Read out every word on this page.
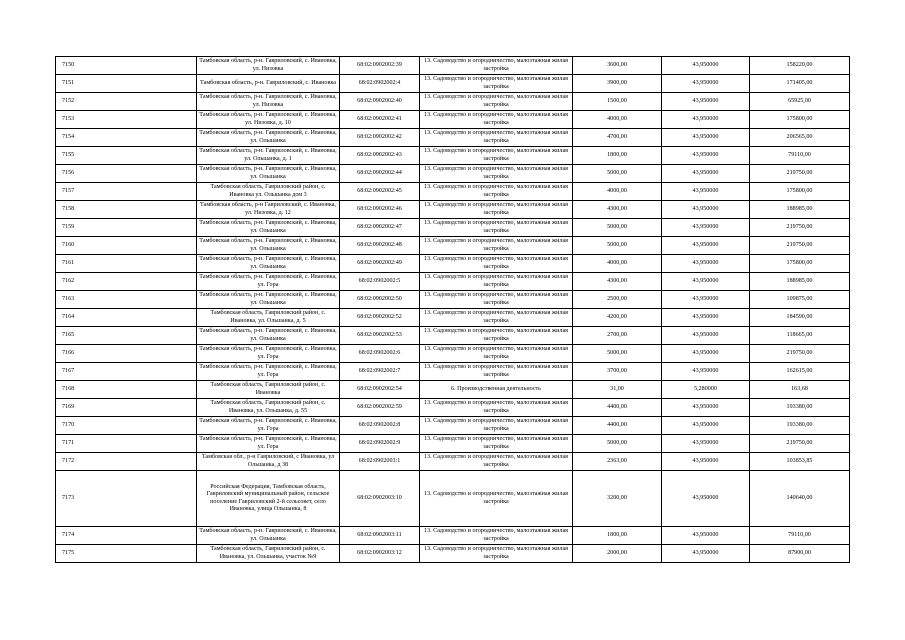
7150	Тамбовская область, р-н. Гавриловский, с. Ивановка, ул. Низовка	68:02:0902002:39	13. Садоводство и огородничество, малоэтажная жилая застройка	3600,00	43,950000	158220,00
7151	Тамбовская область, р-н. Гавриловский, с. Ивановка	68:02:0902002:4	13. Садоводство и огородничество, малоэтажная жилая застройка	3900,00	43,950000	171405,00
7152	Тамбовская область, р-н. Гавриловский, с. Ивановка, ул. Низовка	68:02:0902002:40	13. Садоводство и огородничество, малоэтажная жилая застройка	1500,00	43,950000	65925,00
7153	Тамбовская область, р-н. Гавриловский, с. Ивановка, ул. Низовка, д. 10	68:02:0902002:41	13. Садоводство и огородничество, малоэтажная жилая застройка	4000,00	43,950000	175800,00
7154	Тамбовская область, р-н. Гавриловский, с. Ивановка, ул. Ольшанка	68:02:0902002:42	13. Садоводство и огородничество, малоэтажная жилая застройка	4700,00	43,950000	206565,00
7155	Тамбовская область, р-н. Гавриловский, с. Ивановка, ул. Ольшанка, д. 1	68:02:0902002:43	13. Садоводство и огородничество, малоэтажная жилая застройка	1800,00	43,950000	79110,00
7156	Тамбовская область, р-н. Гавриловский, с. Ивановка, ул. Ольшанка	68:02:0902002:44	13. Садоводство и огородничество, малоэтажная жилая застройка	5000,00	43,950000	219750,00
7157	Тамбовская область, Гавриловский район, с. Ивановка ул. Ольшанка дом 3	68:02:0902002:45	13. Садоводство и огородничество, малоэтажная жилая застройка	4000,00	43,950000	175800,00
7158	Тамбовская область, р-н Гавриловский, с. Ивановка, ул. Низовка, д. 12	68:02:0902002:46	13. Садоводство и огородничество, малоэтажная жилая застройка	4300,00	43,950000	188985,00
7159	Тамбовская область, р-н. Гавриловский, с. Ивановка, ул. Ольшанка	68:02:0902002:47	13. Садоводство и огородничество, малоэтажная жилая застройка	5000,00	43,950000	219750,00
7160	Тамбовская область, р-н. Гавриловский, с. Ивановка, ул. Ольшанка	68:02:0902002:48	13. Садоводство и огородничество, малоэтажная жилая застройка	5000,00	43,950000	219750,00
7161	Тамбовская область, р-н. Гавриловский, с. Ивановка, ул. Ольшанка	68:02:0902002:49	13. Садоводство и огородничество, малоэтажная жилая застройка	4000,00	43,950000	175800,00
7162	Тамбовская область, р-н. Гавриловский, с. Ивановка, ул. Гора	68:02:0902002:5	13. Садоводство и огородничество, малоэтажная жилая застройка	4300,00	43,950000	188985,00
7163	Тамбовская область, р-н. Гавриловский, с. Ивановка, ул. Ольшанка	68:02:0902002:50	13. Садоводство и огородничество, малоэтажная жилая застройка	2500,00	43,950000	109875,00
7164	Тамбовская область, Гавриловский район, с. Ивановка, ул. Ольшанка, д. 5	68:02:0902002:52	13. Садоводство и огородничество, малоэтажная жилая застройка	4200,00	43,950000	184590,00
7165	Тамбовская область, р-н. Гавриловский, с. Ивановка, ул. Ольшанка	68:02:0902002:53	13. Садоводство и огородничество, малоэтажная жилая застройка	2700,00	43,950000	118665,00
7166	Тамбовская область, р-н. Гавриловский, с. Ивановка, ул. Гора	68:02:0902002:6	13. Садоводство и огородничество, малоэтажная жилая застройка	5000,00	43,950000	219750,00
7167	Тамбовская область, р-н. Гавриловский, с. Ивановка, ул. Гора	68:02:0902002:7	13. Садоводство и огородничество, малоэтажная жилая застройка	3700,00	43,950000	162615,00
7168	Тамбовская область, Гавриловский район, с. Ивановка	68:02:0902002:54	6. Производственная деятельность	31,00	5,280000	163,68
7169	Тамбовская область, Гавриловский район, с. Ивановка, ул. Ольшанка, д. 55	68:02:0902002:59	13. Садоводство и огородничество, малоэтажная жилая застройка	4400,00	43,950000	193380,00
7170	Тамбовская область, р-н. Гавриловский, с. Ивановка, ул. Гора	68:02:0902002:8	13. Садоводство и огородничество, малоэтажная жилая застройка	4400,00	43,950000	193380,00
7171	Тамбовская область, р-н. Гавриловский, с. Ивановка, ул. Гора	68:02:0902002:9	13. Садоводство и огородничество, малоэтажная жилая застройка	5000,00	43,950000	219750,00
7172	Тамбовская обл., р-н Гавриловский, с Ивановка, ул Ольшанка, д 38	68:02:0902003:1	13. Садоводство и огородничество, малоэтажная жилая застройка	2363,00	43,950000	103853,85
7173	Российская Федерация, Тамбовская область, Гавриловский муниципальный район, сельское поселение Гавриловский 2-й сельсовет, село Ивановка, улица Ольшанка, 8	68:02:0902003:10	13. Садоводство и огородничество, малоэтажная жилая застройка	3200,00	43,950000	140640,00
7174	Тамбовская область, р-н. Гавриловский, с. Ивановка, ул. Ольшанка	68:02:0902003:11	13. Садоводство и огородничество, малоэтажная жилая застройка	1800,00	43,950000	79110,00
7175	Тамбовская область, Гавриловский район, с. Ивановка, ул. Ольшанка, участок №9	68:02:0902003:12	13. Садоводство и огородничество, малоэтажная жилая застройка	2000,00	43,950000	87900,00
